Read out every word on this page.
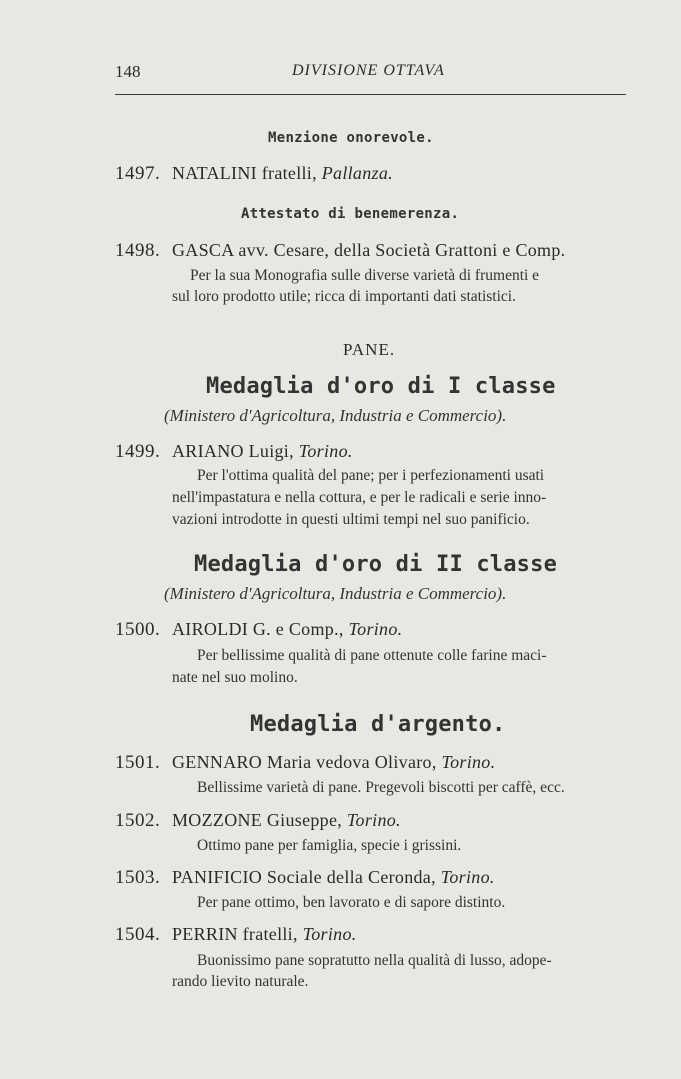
148	DIVISIONE OTTAVA
Menzione onorevole.
1497. NATALINI fratelli, Pallanza.
Attestato di benemerenza.
1498. GASCA avv. Cesare, della Società Grattoni e Comp.
Per la sua Monografia sulle diverse varietà di frumenti e
sul loro prodotto utile; ricca di importanti dati statistici.
PANE.
Medaglia d'oro di I classe
(Ministero d'Agricoltura, Industria e Commercio).
1499. ARIANO Luigi, Torino.
Per l'ottima qualità del pane; per i perfezionamenti usati
nell'impastatura e nella cottura, e per le radicali e serie inno-
vazioni introdotte in questi ultimi tempi nel suo panificio.
Medaglia d'oro di II classe
(Ministero d'Agricoltura, Industria e Commercio).
1500. AIROLDI G. e Comp., Torino.
Per bellissime qualità di pane ottenute colle farine maci-
nate nel suo molino.
Medaglia d'argento.
1501. GENNARO Maria vedova Olivaro, Torino.
Bellissime varietà di pane. Pregevoli biscotti per caffè, ecc.
1502. MOZZONE Giuseppe, Torino.
Ottimo pane per famiglia, specie i grissini.
1503. PANIFICIO Sociale della Ceronda, Torino.
Per pane ottimo, ben lavorato e di sapore distinto.
1504. PERRIN fratelli, Torino.
Buonissimo pane sopratutto nella qualità di lusso, adope-
rando lievito naturale.
